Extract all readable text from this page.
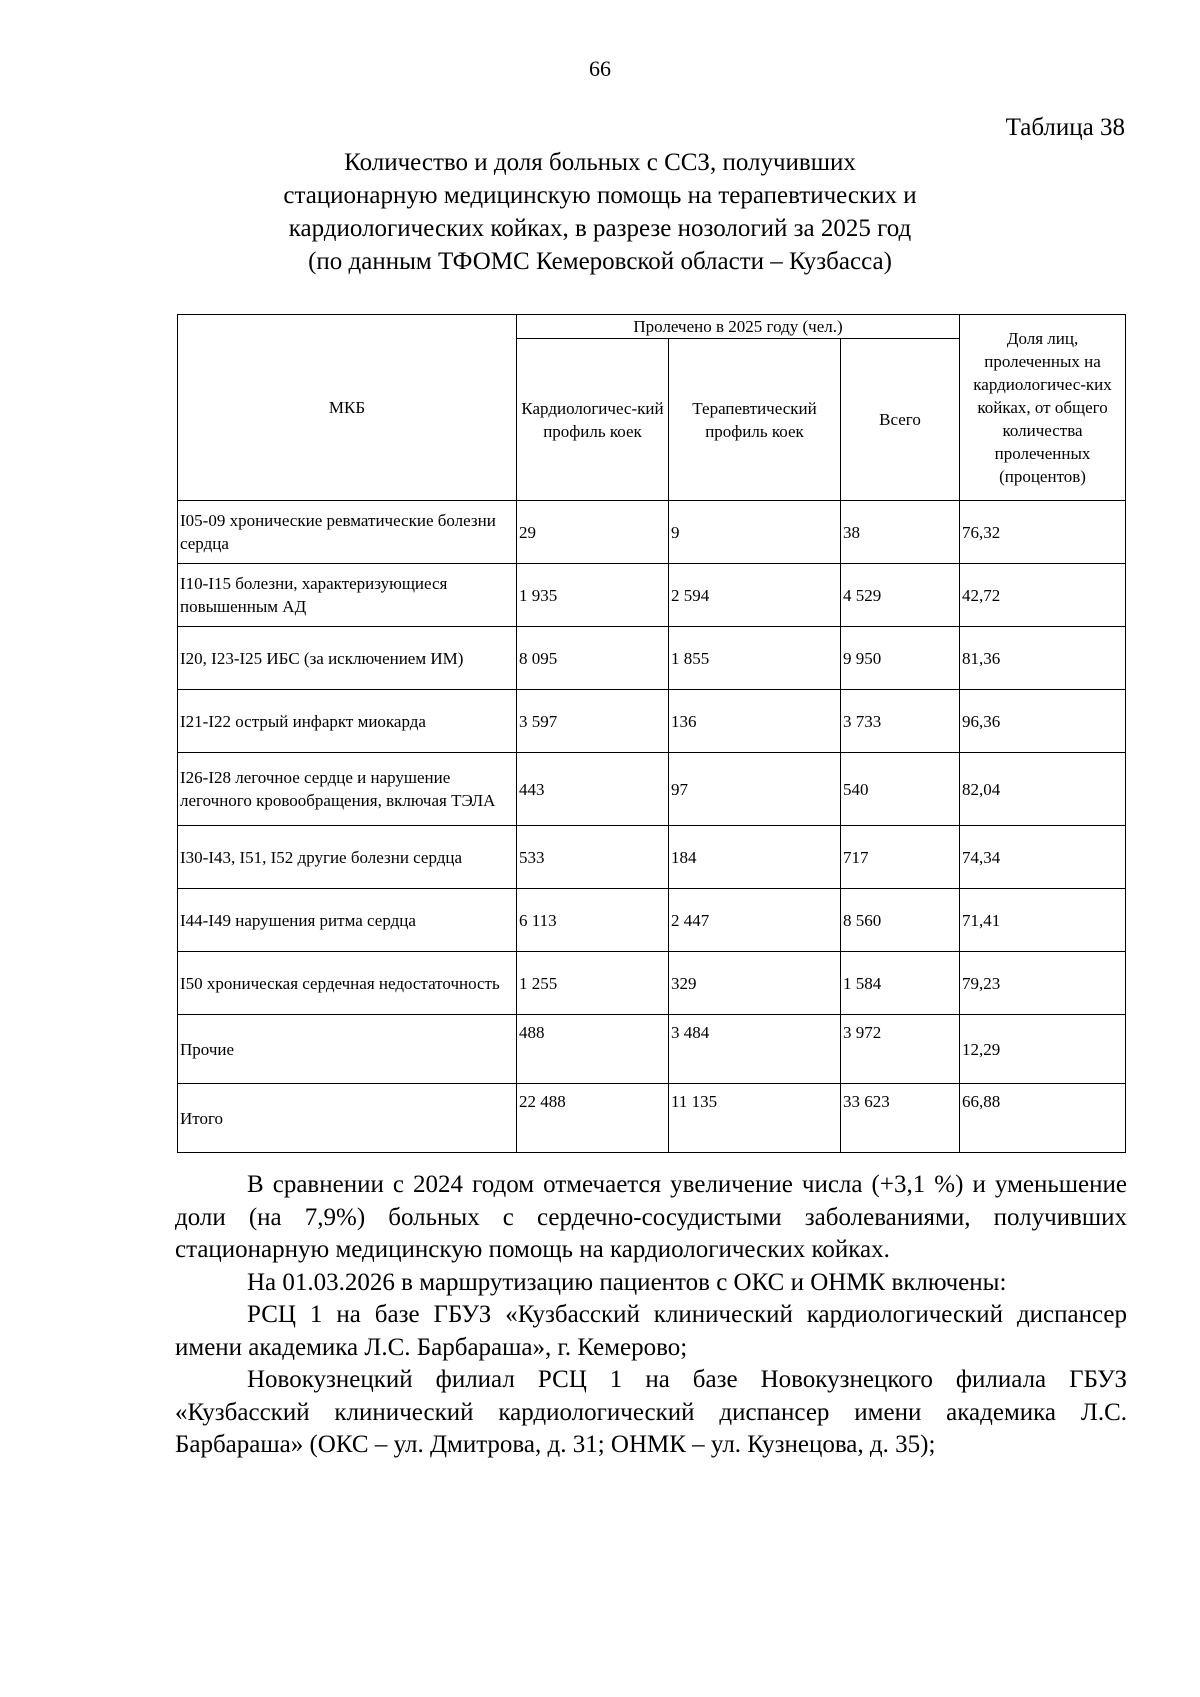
66
Таблица 38
Количество и доля больных с ССЗ, получивших
стационарную медицинскую помощь на терапевтических и
кардиологических койках, в разрезе нозологий за 2025 год
(по данным ТФОМС Кемеровской области – Кузбасса)
МКБ	Пролечено в 2025 году (чел.)			Доля лиц, пролеченных на кардиологичес-ких койках, от общего количества пролеченных (процентов)
	Кардиологичес-кий профиль коек	Терапевтический профиль коек	Всего	
I05-09 хронические ревматические болезни сердца	29	9	38	76,32
I10-I15 болезни, характеризующиеся повышенным АД	1 935	2 594	4 529	42,72
I20, I23-I25 ИБС (за исключением ИМ)	8 095	1 855	9 950	81,36
I21-I22 острый инфаркт миокарда	3 597	136	3 733	96,36
I26-I28 легочное сердце и нарушение легочного кровообращения, включая ТЭЛА	443	97	540	82,04
I30-I43, I51, I52 другие болезни сердца	533	184	717	74,34
I44-I49 нарушения ритма сердца	6 113	2 447	8 560	71,41
I50 хроническая сердечная недостаточность	1 255	329	1 584	79,23
Прочие	488	3 484	3 972	12,29
Итого	22 488	11 135	33 623	66,88

В сравнении с 2024 годом отмечается увеличение числа (+3,1 %) и уменьшение доли (на 7,9%) больных с сердечно-сосудистыми заболеваниями, получивших стационарную медицинскую помощь на кардиологических койках.

На 01.03.2026 в маршрутизацию пациентов с ОКС и ОНМК включены:

РСЦ 1 на базе ГБУЗ «Кузбасский клинический кардиологический диспансер имени академика Л.С. Барбараша», г. Кемерово;

Новокузнецкий филиал РСЦ 1 на базе Новокузнецкого филиала ГБУЗ «Кузбасский клинический кардиологический диспансер имени академика Л.С. Барбараша» (ОКС – ул. Дмитрова, д. 31; ОНМК – ул. Кузнецова, д. 35);
